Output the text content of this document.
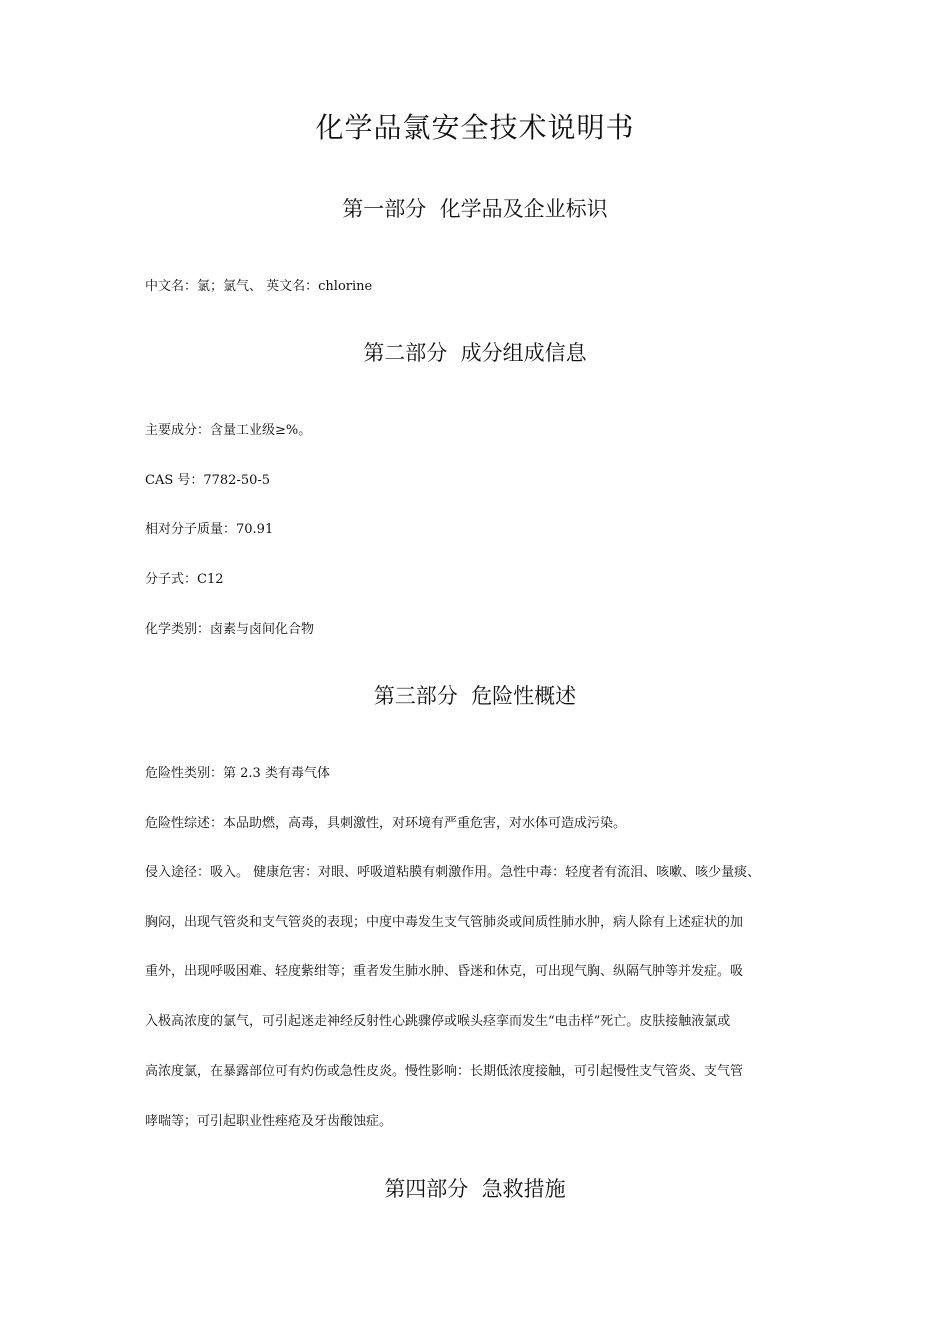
化学品氯安全技术说明书
第一部分  化学品及企业标识
中文名：氯；氯气、 英文名：chlorine
第二部分  成分组成信息
主要成分：含量工业级≥%。
CAS 号：7782-50-5
相对分子质量：70.91
分子式：C12
化学类别：卤素与卤间化合物
第三部分  危险性概述
危险性类别：第 2.3 类有毒气体
危险性综述：本品助燃，高毒，具刺激性，对环境有严重危害，对水体可造成污染。
侵入途径：吸入。 健康危害：对眼、呼吸道粘膜有刺激作用。急性中毒：轻度者有流泪、咳嗽、咳少量痰、
胸闷，出现气管炎和支气管炎的表现；中度中毒发生支气管肺炎或间质性肺水肿，病人除有上述症状的加
重外，出现呼吸困难、轻度紫绀等；重者发生肺水肿、昏迷和休克，可出现气胸、纵隔气肿等并发症。吸
入极高浓度的氯气，可引起迷走神经反射性心跳骤停或喉头痉挛而发生“电击样”死亡。皮肤接触液氯或
高浓度氯，在暴露部位可有灼伤或急性皮炎。慢性影响：长期低浓度接触，可引起慢性支气管炎、支气管
哮喘等；可引起职业性痤疮及牙齿酸蚀症。
第四部分  急救措施
